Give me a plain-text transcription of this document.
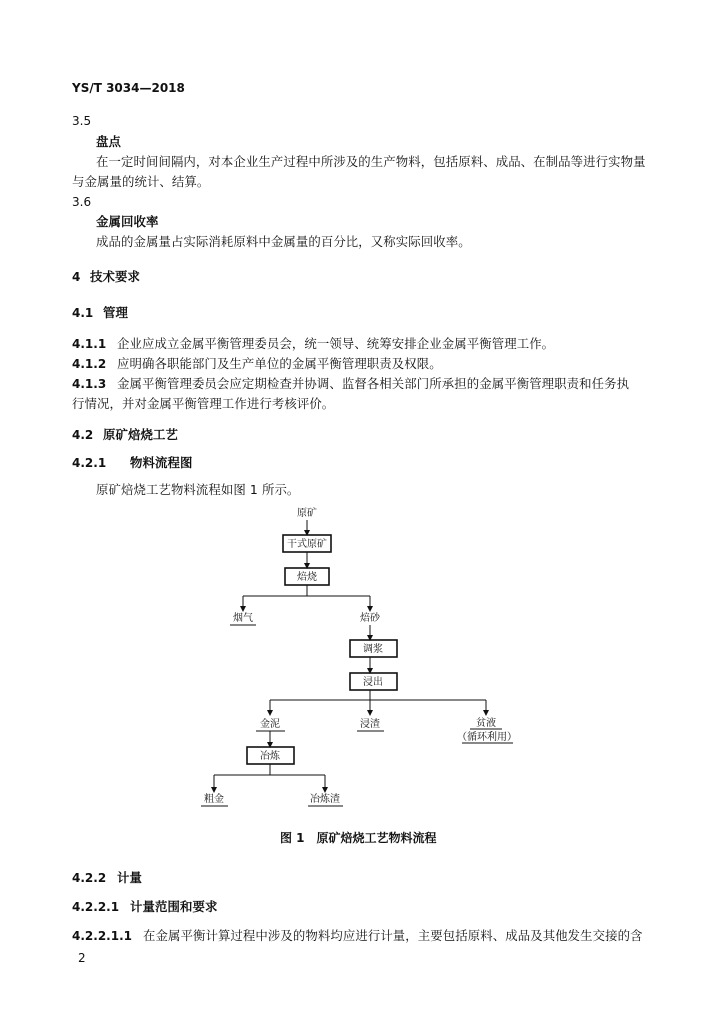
YS/T 3034—2018
3.5
盘点
在一定时间间隔内，对本企业生产过程中所涉及的生产物料，包括原料、成品、在制品等进行实物量
与金属量的统计、结算。
3.6
金属回收率
成品的金属量占实际消耗原料中金属量的百分比，又称实际回收率。
4 技术要求
4.1 管理
4.1.1 企业应成立金属平衡管理委员会，统一领导、统筹安排企业金属平衡管理工作。
4.1.2 应明确各职能部门及生产单位的金属平衡管理职责及权限。
4.1.3 金属平衡管理委员会应定期检查并协调、监督各相关部门所承担的金属平衡管理职责和任务执
行情况，并对金属平衡管理工作进行考核评价。
4.2 原矿焙烧工艺
4.2.1 物料流程图
原矿焙烧工艺物料流程如图 1 所示。
原矿
干式原矿
焙烧
烟气	焙砂
调浆
浸出
金泥	浸渣	贫液
（循环利用）
冶炼
粗金	冶炼渣
图 1　原矿焙烧工艺物料流程
4.2.2 计量
4.2.2.1 计量范围和要求
4.2.2.1.1 在金属平衡计算过程中涉及的物料均应进行计量，主要包括原料、成品及其他发生交接的含
2
